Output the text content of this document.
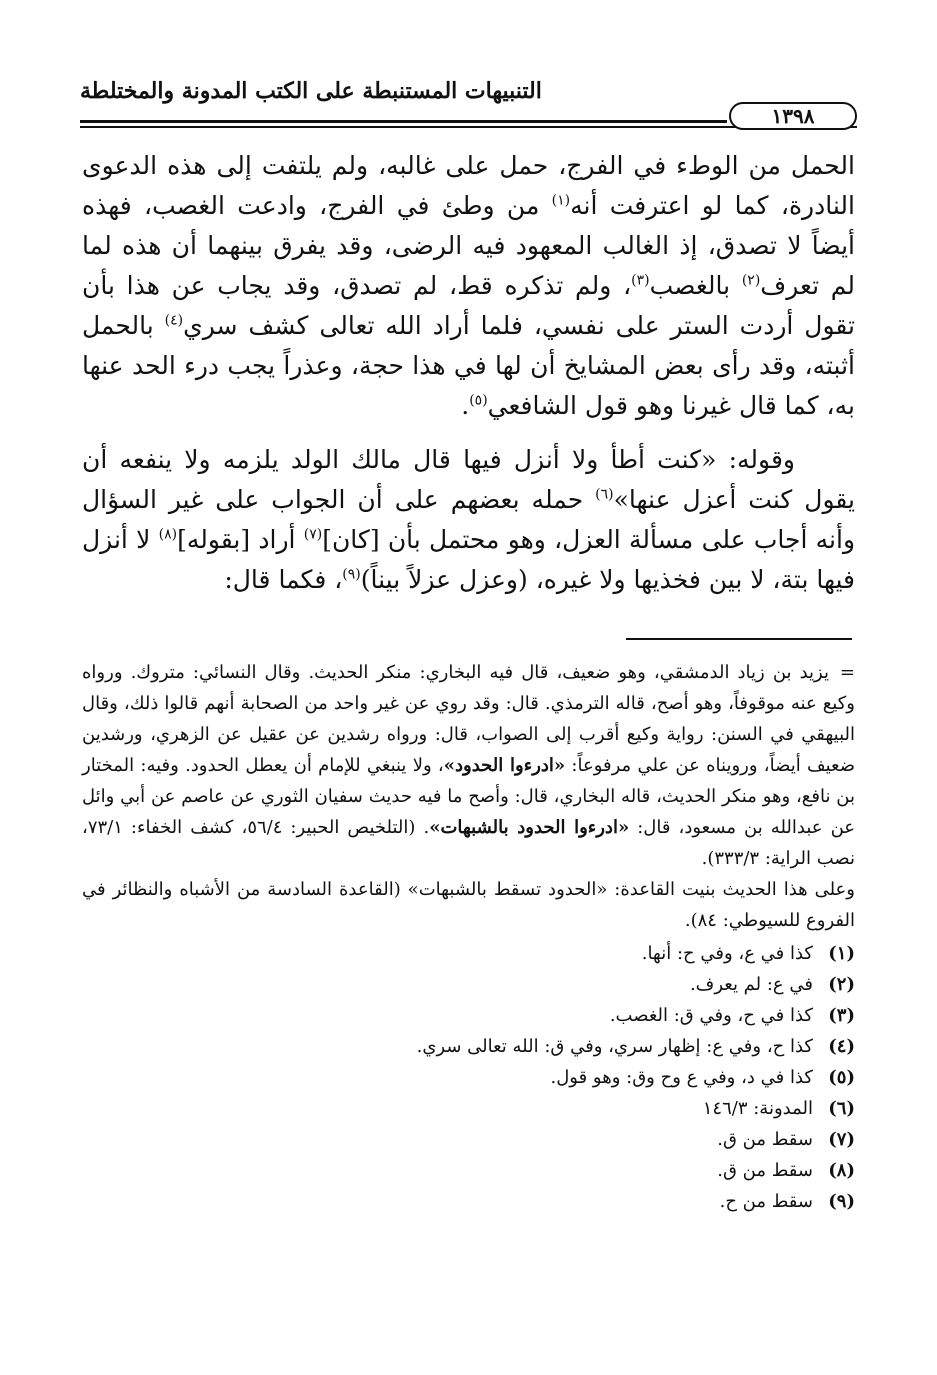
التنبيهات المستنبطة على الكتب المدونة والمختلطة
١٣٩٨

الحمل من الوطء في الفرج، حمل على غالبه، ولم يلتفت إلى هذه الدعوى النادرة، كما لو اعترفت أنه$^{(١)}$ من وطئ في الفرج، وادعت الغصب، فهذه أيضاً لا تصدق، إذ الغالب المعهود فيه الرضى، وقد يفرق بينهما أن هذه لما لم تعرف$^{(٢)}$ بالغصب$^{(٣)}$، ولم تذكره قط، لم تصدق، وقد يجاب عن هذا بأن تقول أردت الستر على نفسي، فلما أراد الله تعالى كشف سري$^{(٤)}$ بالحمل أثبته، وقد رأى بعض المشايخ أن لها في هذا حجة، وعذراً يجب درء الحد عنها به، كما قال غيرنا وهو قول الشافعي$^{(٥)}$.

وقوله: «كنت أطأ ولا أنزل فيها قال مالك الولد يلزمه ولا ينفعه أن يقول كنت أعزل عنها»$^{(٦)}$ حمله بعضهم على أن الجواب على غير السؤال وأنه أجاب على مسألة العزل، وهو محتمل بأن [كان]$^{(٧)}$ أراد [بقوله]$^{(٨)}$ لا أنزل فيها بتة، لا بين فخذيها ولا غيره، (وعزل عزلاً بيناً)$^{(٩)}$، فكما قال:

=يزيد بن زياد الدمشقي، وهو ضعيف، قال فيه البخاري: منكر الحديث. وقال النسائي: متروك. ورواه وكيع عنه موقوفاً، وهو أصح، قاله الترمذي. قال: وقد روي عن غير واحد من الصحابة أنهم قالوا ذلك، وقال البيهقي في السنن: رواية وكيع أقرب إلى الصواب، قال: ورواه رشدين عن عقيل عن الزهري، ورشدين ضعيف أيضاً، ورويناه عن علي مرفوعاً: «ادرءوا الحدود»، ولا ينبغي للإمام أن يعطل الحدود. وفيه: المختار بن نافع، وهو منكر الحديث، قاله البخاري، قال: وأصح ما فيه حديث سفيان الثوري عن عاصم عن أبي وائل عن عبدالله بن مسعود، قال: «ادرءوا الحدود بالشبهات». (التلخيص الحبير: ٥٦/٤، كشف الخفاء: ٧٣/١، نصب الراية: ٣٣٣/٣).

وعلى هذا الحديث بنيت القاعدة: «الحدود تسقط بالشبهات» (القاعدة السادسة من الأشباه والنظائر في الفروع للسيوطي: ٨٤).

(١)كذا في ع، وفي ح: أنها.
(٢)في ع: لم يعرف.
(٣)كذا في ح، وفي ق: الغصب.
(٤)كذا ح، وفي ع: إظهار سري، وفي ق: الله تعالى سري.
(٥)كذا في د، وفي ع وح وق: وهو قول.
(٦)المدونة: ١٤٦/٣
(٧)سقط من ق.
(٨)سقط من ق.
(٩)سقط من ح.
